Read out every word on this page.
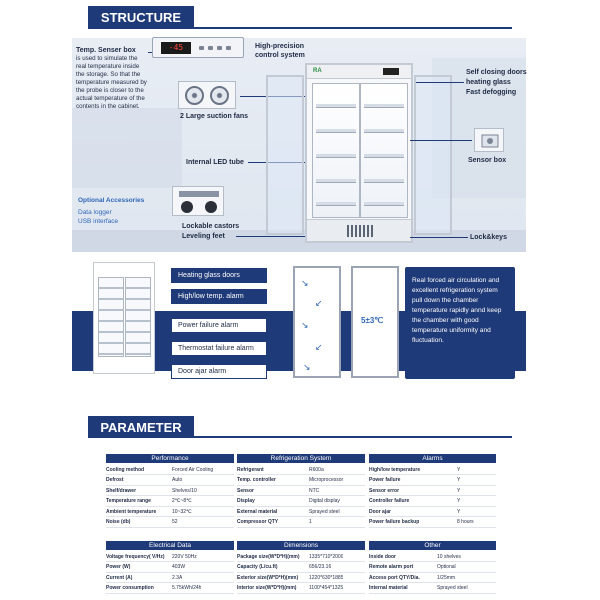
STRUCTURE
Temp. Senser box
is used to simulate the real temperature inside the storage. So that the temperature measured by the probe is closer to the actual temperature of the contents in the cabinet.
-45	High-precision control system
2 Large suction fans
Internal LED tube
Optional Accessories
Data logger
USB interface
Lockable castors
Leveling feet
RA	Self closing doors
heating glass
Fast defogging
Sensor box
Lock&keys
MPC-5V656
solid doors available
Heating glass doors
High/low temp. alarm
Power failure alarm
Thermostat failure alarm
Door ajar alarm
↘
↙
↘
↙
↘
5±3℃
Real forced air circulation and excellent refrigeration system pull down the chamber temperature rapidly annd keep the chamber with good temperature uniformity and fluctuation.
PARAMETER
Performance
Cooling method	Forced Air Cooling
Defrost	Auto
Shelf/drawer	Shelves/10
Temperature range	2℃~8℃
Ambient temperature	10~32℃
Noise (db)	52
Refrigeration System
Refrigerant	R600a
Temp. controller	Microprocessor
Sensor	NTC
Display	Digital display
External material	Sprayed steel
Compressor QTY	1
Alarms
High/low temperature	Y
Power failure	Y
Sensor error	Y
Controller failure	Y
Door ajar	Y
Power failure backup	8 hours
Electrical Data
Voltage frequency( V/Hz)	220V 50Hz
Power (W)	403W
Current (A)	2.3A
Power consumption	5.75kWh/24h
Dimensions
Package size(W*D*H)(mm)	1335*710*2000
Capacity (L/cu.ft)	656/23.16
Exterior size(W*D*H)(mm)	1220*630*1885
Interior size(W*D*H)(mm)	1100*454*1325
Other
Inside door	10 shelves
Remote alarm port	Optional
Access port QTY/Dia.	1/25mm
Internal material	Sprayed steel
